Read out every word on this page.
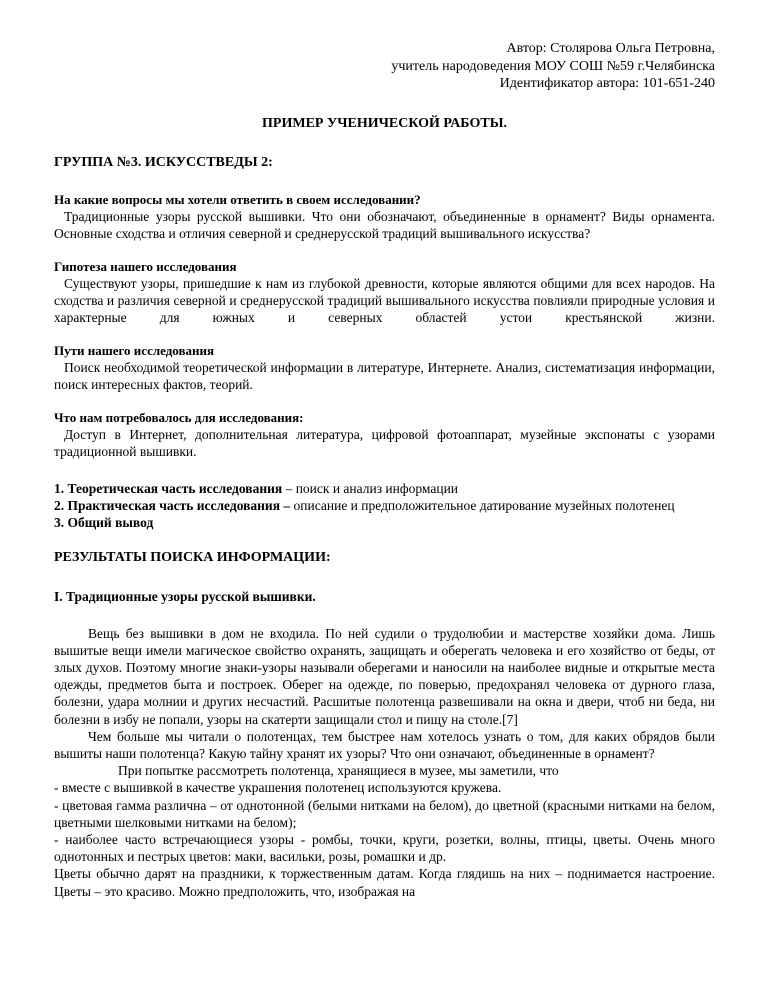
Автор: Столярова Ольга Петровна,
учитель народоведения МОУ СОШ №59 г.Челябинска
Идентификатор автора: 101-651-240
ПРИМЕР УЧЕНИЧЕСКОЙ РАБОТЫ.
ГРУППА №3. ИСКУССТВЕДЫ 2:
На какие вопросы мы хотели ответить в своем исследовании?
Традиционные узоры русской вышивки. Что они обозначают, объединенные в орнамент? Виды орнамента. Основные сходства и отличия северной и среднерусской традиций вышивального искусства?
Гипотеза нашего исследования
Существуют узоры, пришедшие к нам из глубокой древности, которые являются общими для всех народов. На сходства и различия северной и среднерусской традиций вышивального искусства повлияли природные условия и характерные для южных и северных областей устои крестьянской жизни.
Пути нашего исследования
Поиск необходимой теоретической информации в литературе, Интернете. Анализ, систематизация информации, поиск интересных фактов, теорий.
Что нам потребовалось для исследования:
Доступ в Интернет, дополнительная литература, цифровой фотоаппарат, музейные экспонаты с узорами традиционной вышивки.
1. Теоретическая часть исследования – поиск и анализ информации
2. Практическая часть исследования – описание и предположительное датирование музейных полотенец
3. Общий вывод
РЕЗУЛЬТАТЫ ПОИСКА ИНФОРМАЦИИ:
I. Традиционные узоры русской вышивки.
Вещь без вышивки в дом не входила. По ней судили о трудолюбии и мастерстве хозяйки дома. Лишь вышитые вещи имели магическое свойство охранять, защищать и оберегать человека и его хозяйство от беды, от злых духов. Поэтому многие знаки-узоры называли оберегами и наносили на наиболее видные и открытые места одежды, предметов быта и построек. Оберег на одежде, по поверью, предохранял человека от дурного глаза, болезни, удара молнии и других несчастий. Расшитые полотенца развешивали на окна и двери, чтоб ни беда, ни болезни в избу не попали, узоры на скатерти защищали стол и пищу на столе.[7]
Чем больше мы читали о полотенцах, тем быстрее нам хотелось узнать о том, для каких обрядов были вышиты наши полотенца? Какую тайну хранят их узоры? Что они означают, объединенные в орнамент?
При попытке рассмотреть полотенца, хранящиеся в музее, мы заметили, что
- вместе с вышивкой в качестве украшения полотенец используются кружева.
- цветовая гамма различна – от однотонной (белыми нитками на белом), до цветной (красными нитками на белом, цветными шелковыми нитками на белом);
- наиболее часто встречающиеся узоры - ромбы, точки, круги, розетки, волны, птицы, цветы. Очень много однотонных и пестрых цветов: маки, васильки, розы, ромашки и др.
Цветы обычно дарят на праздники, к торжественным датам. Когда глядишь на них – поднимается настроение. Цветы – это красиво. Можно предположить, что, изображая на
